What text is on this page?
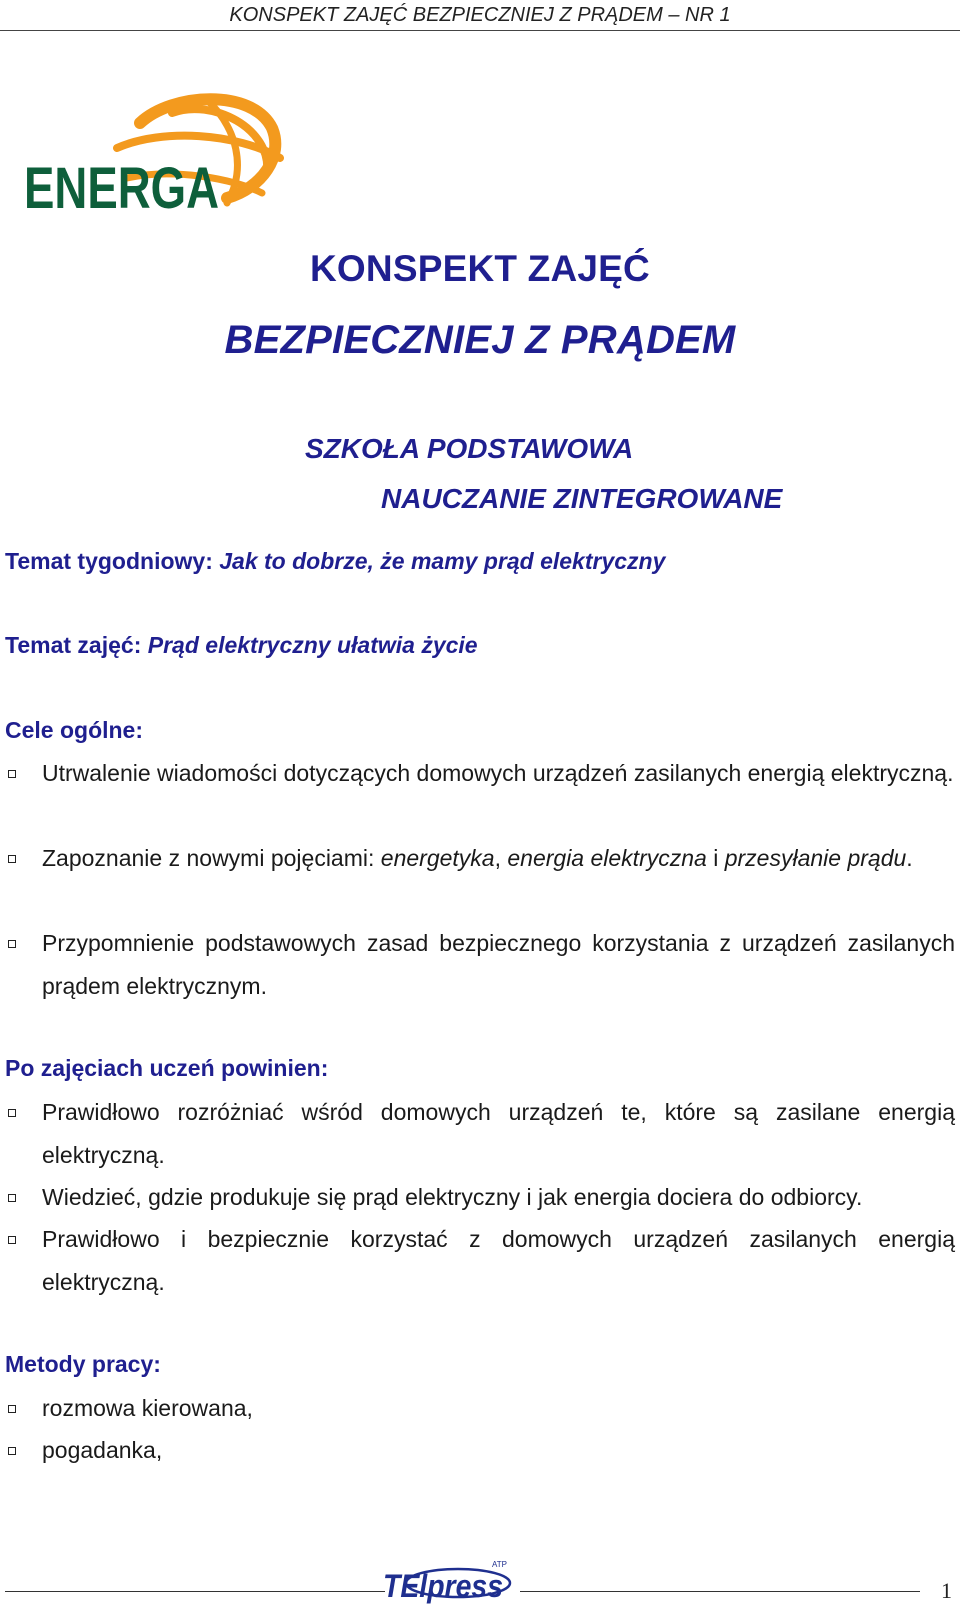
KONSPEKT ZAJĘĆ BEZPIECZNIEJ Z PRĄDEM – NR 1
ENERGA
KONSPEKT ZAJĘĆ
BEZPIECZNIEJ Z PRĄDEM
SZKOŁA PODSTAWOWA
NAUCZANIE ZINTEGROWANE
Temat tygodniowy: Jak to dobrze, że mamy prąd elektryczny
Temat zajęć: Prąd elektryczny ułatwia życie
Cele ogólne:
Utrwalenie wiadomości dotyczących domowych urządzeń zasilanych energią elektryczną.
Zapoznanie z nowymi pojęciami: energetyka, energia elektryczna i przesyłanie prądu.
Przypomnienie podstawowych zasad bezpiecznego korzystania z urządzeń zasilanych prądem elektrycznym.
Po zajęciach uczeń powinien:
Prawidłowo rozróżniać wśród domowych urządzeń te, które są zasilane energią elektryczną.
Wiedzieć, gdzie produkuje się prąd elektryczny i jak energia dociera do odbiorcy.
Prawidłowo i bezpiecznie korzystać z domowych urządzeń zasilanych energią elektryczną.
Metody pracy:
rozmowa kierowana,
pogadanka,
TElpress
ATP
1
